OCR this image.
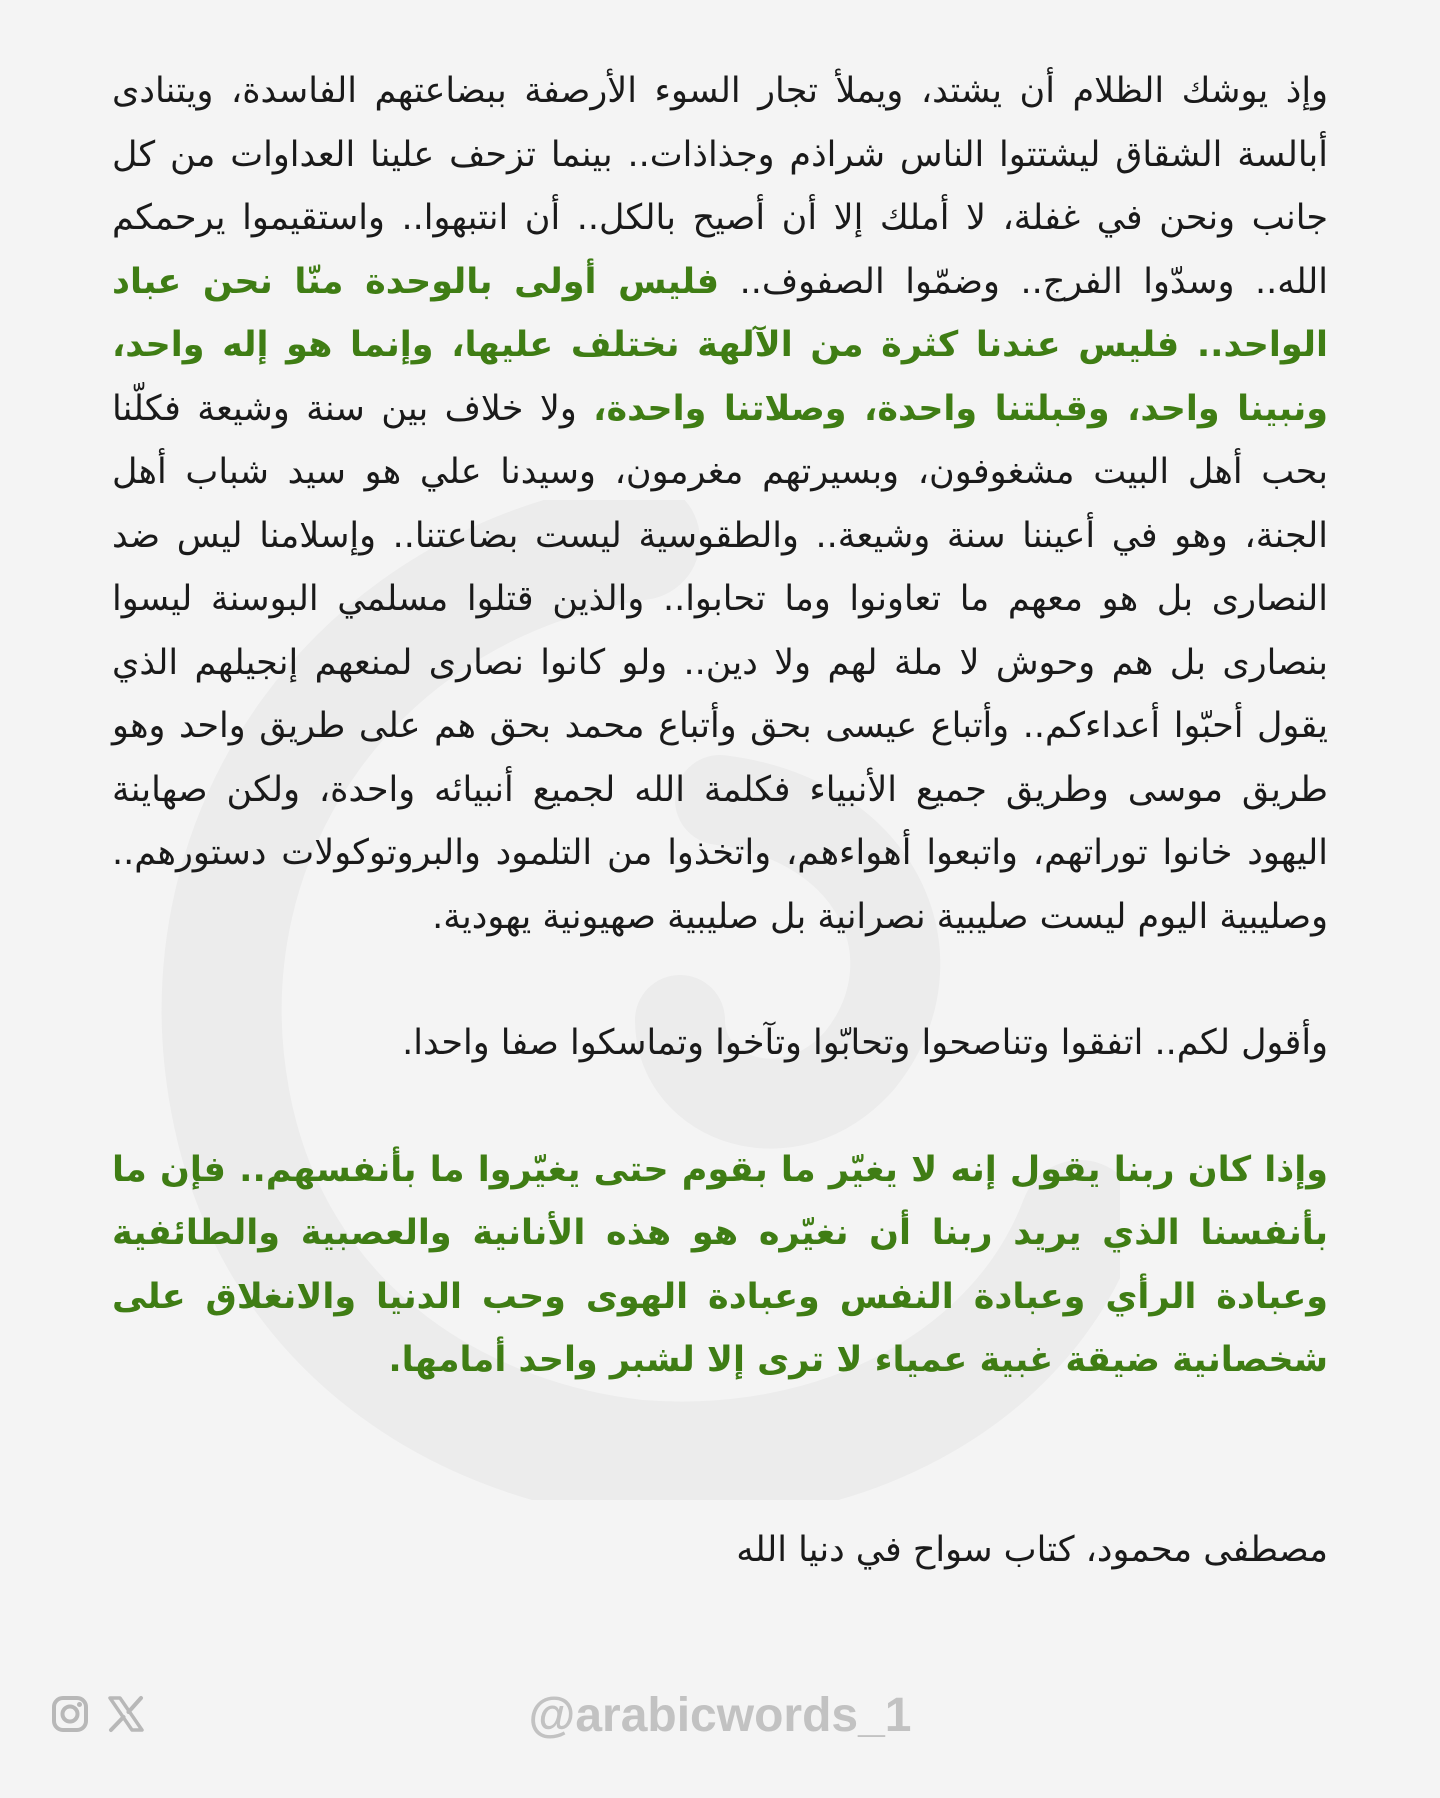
وإذ يوشك الظلام أن يشتد، ويملأ تجار السوء الأرصفة ببضاعتهم الفاسدة، ويتنادى أبالسة الشقاق ليشتتوا الناس شراذم وجذاذات.. بينما تزحف علينا العداوات من كل جانب ونحن في غفلة، لا أملك إلا أن أصيح بالكل.. أن انتبهوا.. واستقيموا يرحمكم الله.. وسدّوا الفرج.. وضمّوا الصفوف.. فليس أولى بالوحدة منّا نحن عباد الواحد.. فليس عندنا كثرة من الآلهة نختلف عليها، وإنما هو إله واحد، ونبينا واحد، وقبلتنا واحدة، وصلاتنا واحدة، ولا خلاف بين سنة وشيعة فكلّنا بحب أهل البيت مشغوفون، وبسيرتهم مغرمون، وسيدنا علي هو سيد شباب أهل الجنة، وهو في أعيننا سنة وشيعة.. والطقوسية ليست بضاعتنا.. وإسلامنا ليس ضد النصارى بل هو معهم ما تعاونوا وما تحابوا.. والذين قتلوا مسلمي البوسنة ليسوا بنصارى بل هم وحوش لا ملة لهم ولا دين.. ولو كانوا نصارى لمنعهم إنجيلهم الذي يقول أحبّوا أعداءكم.. وأتباع عيسى بحق وأتباع محمد بحق هم على طريق واحد وهو طريق موسى وطريق جميع الأنبياء فكلمة الله لجميع أنبيائه واحدة، ولكن صهاينة اليهود خانوا توراتهم، واتبعوا أهواءهم، واتخذوا من التلمود والبروتوكولات دستورهم.. وصليبية اليوم ليست صليبية نصرانية بل صليبية صهيونية يهودية.

وأقول لكم.. اتفقوا وتناصحوا وتحابّوا وتآخوا وتماسكوا صفا واحدا.

وإذا كان ربنا يقول إنه لا يغيّر ما بقوم حتى يغيّروا ما بأنفسهم.. فإن ما بأنفسنا الذي يريد ربنا أن نغيّره هو هذه الأنانية والعصبية والطائفية وعبادة الرأي وعبادة النفس وعبادة الهوى وحب الدنيا والانغلاق على شخصانية ضيقة غبية عمياء لا ترى إلا لشبر واحد أمامها.

مصطفى محمود، كتاب سواح في دنيا الله

@arabicwords_1
